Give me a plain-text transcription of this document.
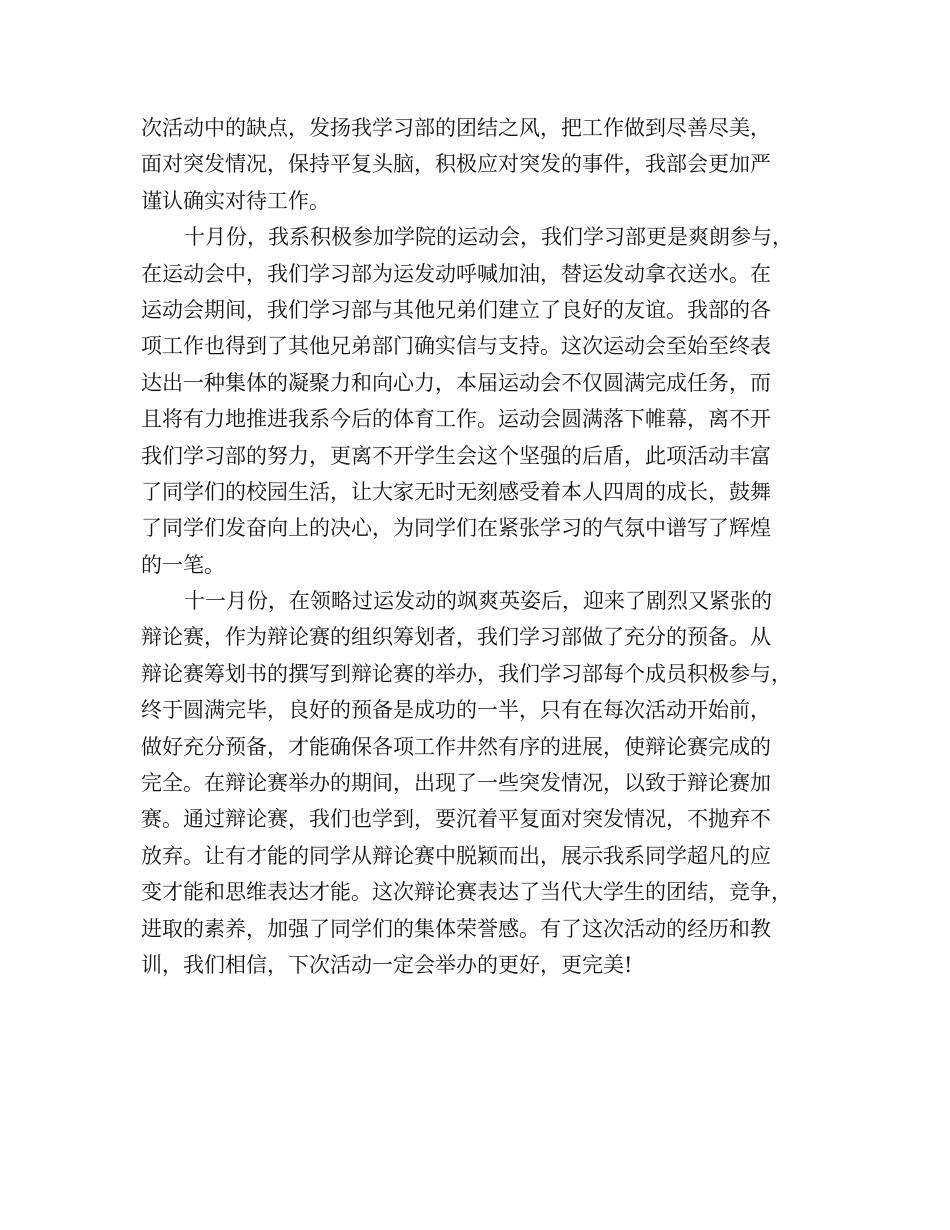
次活动中的缺点，发扬我学习部的团结之风，把工作做到尽善尽美，
面对突发情况，保持平复头脑，积极应对突发的事件，我部会更加严
谨认确实对待工作。
十月份，我系积极参加学院的运动会，我们学习部更是爽朗参与，
在运动会中，我们学习部为运发动呼喊加油，替运发动拿衣送水。在
运动会期间，我们学习部与其他兄弟们建立了良好的友谊。我部的各
项工作也得到了其他兄弟部门确实信与支持。这次运动会至始至终表
达出一种集体的凝聚力和向心力，本届运动会不仅圆满完成任务，而
且将有力地推进我系今后的体育工作。运动会圆满落下帷幕，离不开
我们学习部的努力，更离不开学生会这个坚强的后盾，此项活动丰富
了同学们的校园生活，让大家无时无刻感受着本人四周的成长，鼓舞
了同学们发奋向上的决心，为同学们在紧张学习的气氛中谱写了辉煌
的一笔。
十一月份，在领略过运发动的飒爽英姿后，迎来了剧烈又紧张的
辩论赛，作为辩论赛的组织筹划者，我们学习部做了充分的预备。从
辩论赛筹划书的撰写到辩论赛的举办，我们学习部每个成员积极参与，
终于圆满完毕，良好的预备是成功的一半，只有在每次活动开始前，
做好充分预备，才能确保各项工作井然有序的进展，使辩论赛完成的
完全。在辩论赛举办的期间，出现了一些突发情况，以致于辩论赛加
赛。通过辩论赛，我们也学到，要沉着平复面对突发情况，不抛弃不
放弃。让有才能的同学从辩论赛中脱颖而出，展示我系同学超凡的应
变才能和思维表达才能。这次辩论赛表达了当代大学生的团结，竞争，
进取的素养，加强了同学们的集体荣誉感。有了这次活动的经历和教
训，我们相信，下次活动一定会举办的更好，更完美!
